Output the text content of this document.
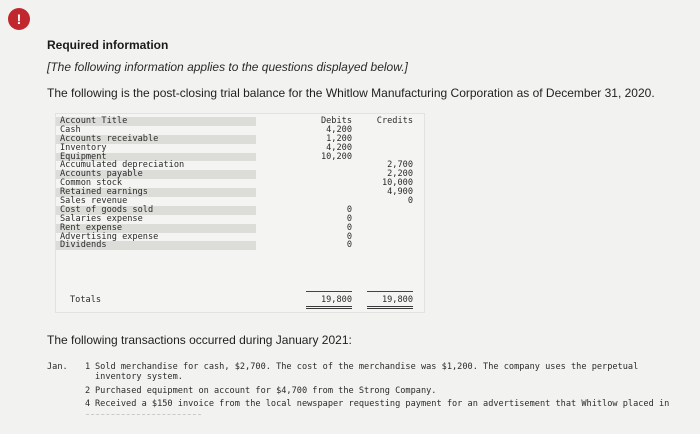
!
Required information
[The following information applies to the questions displayed below.]
The following is the post-closing trial balance for the Whitlow Manufacturing Corporation as of December 31, 2020.
Account Title
Cash
Accounts receivable
Inventory
Equipment
Accumulated depreciation
Accounts payable
Common stock
Retained earnings
Sales revenue
Cost of goods sold
Salaries expense
Rent expense
Advertising expense
Dividends
Debits
4,200
1,200
4,200
10,200
0
0
0
0
0
Credits
2,700
2,200
10,000
4,900
0
Totals	19,800	19,800
The following transactions occurred during January 2021:
Jan. 1 Sold merchandise for cash, $2,700. The cost of the merchandise was $1,200. The company uses the perpetual
inventory system.
2 Purchased equipment on account for $4,700 from the Strong Company.
4 Received a $150 invoice from the local newspaper requesting payment for an advertisement that Whitlow placed in
